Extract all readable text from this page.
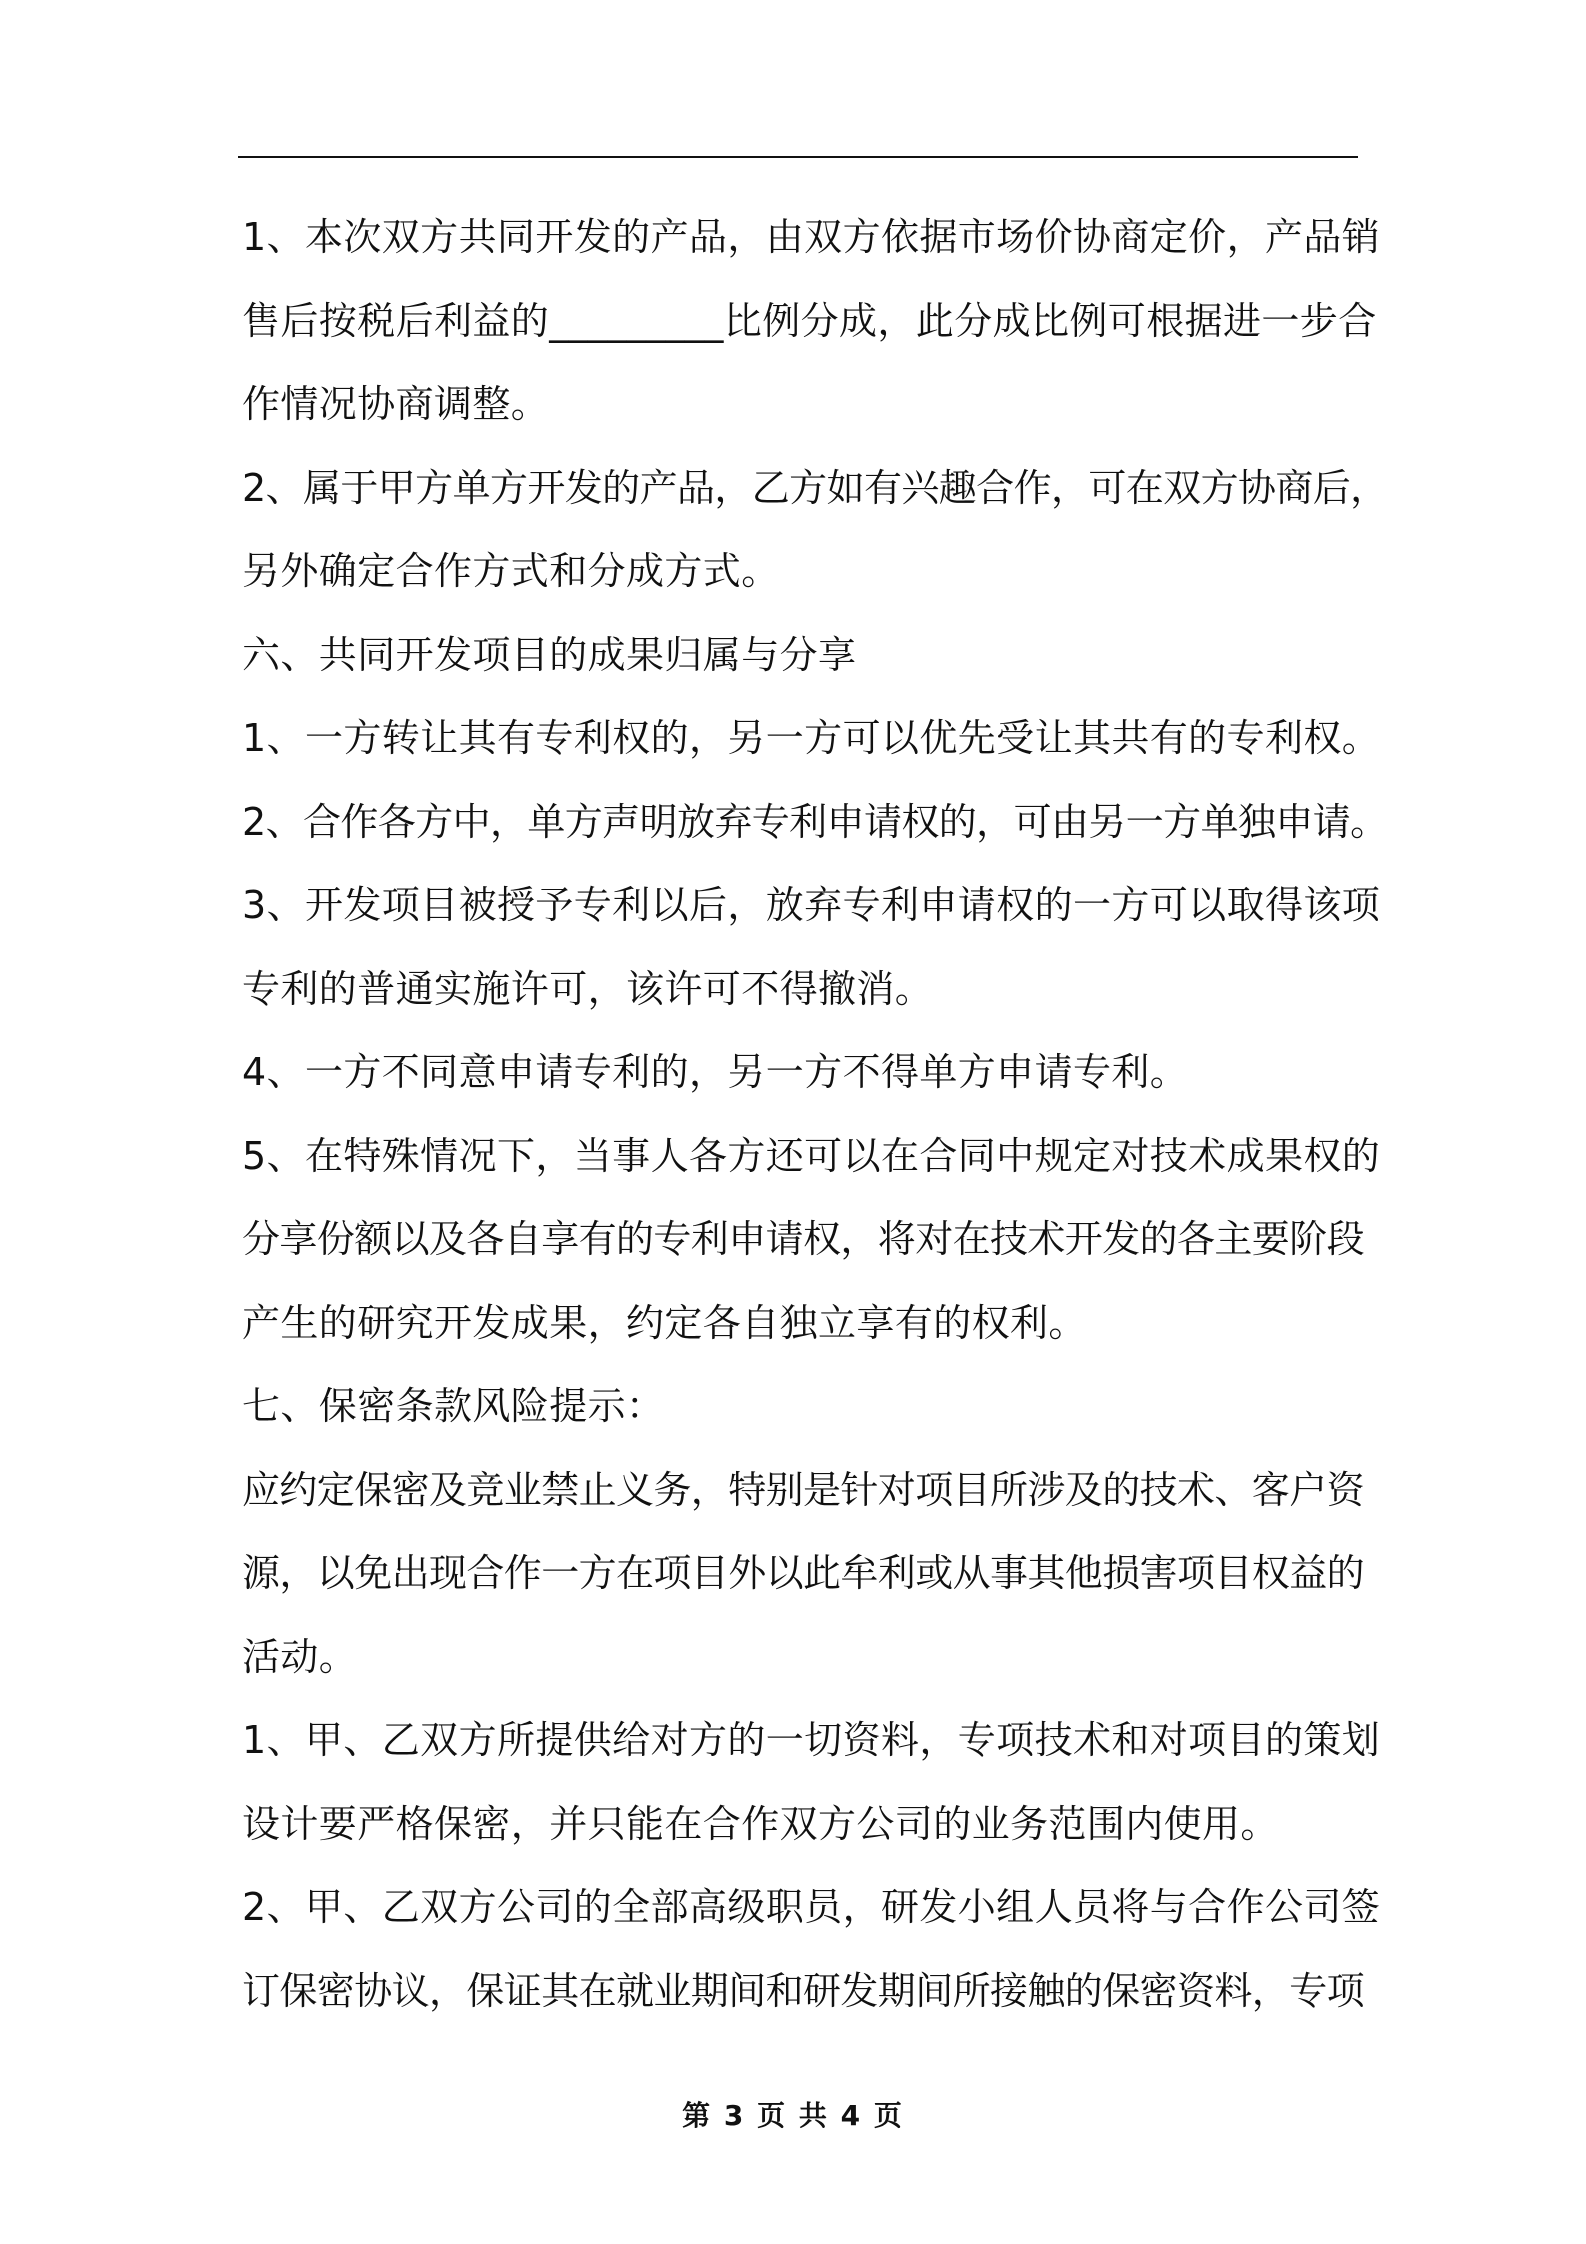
1、本次双方共同开发的产品，由双方依据市场价协商定价，产品销
售后按税后利益的_________比例分成，此分成比例可根据进一步合
作情况协商调整。
2、属于甲方单方开发的产品，乙方如有兴趣合作，可在双方协商后，
另外确定合作方式和分成方式。
六、共同开发项目的成果归属与分享
1、一方转让其有专利权的，另一方可以优先受让其共有的专利权。
2、合作各方中，单方声明放弃专利申请权的，可由另一方单独申请。
3、开发项目被授予专利以后，放弃专利申请权的一方可以取得该项
专利的普通实施许可，该许可不得撤消。
4、一方不同意申请专利的，另一方不得单方申请专利。
5、在特殊情况下，当事人各方还可以在合同中规定对技术成果权的
分享份额以及各自享有的专利申请权，将对在技术开发的各主要阶段
产生的研究开发成果，约定各自独立享有的权利。
七、保密条款风险提示：
应约定保密及竞业禁止义务，特别是针对项目所涉及的技术、客户资
源，以免出现合作一方在项目外以此牟利或从事其他损害项目权益的
活动。
1、甲、乙双方所提供给对方的一切资料，专项技术和对项目的策划
设计要严格保密，并只能在合作双方公司的业务范围内使用。
2、甲、乙双方公司的全部高级职员，研发小组人员将与合作公司签
订保密协议，保证其在就业期间和研发期间所接触的保密资料，专项
第 3 页 共 4 页
